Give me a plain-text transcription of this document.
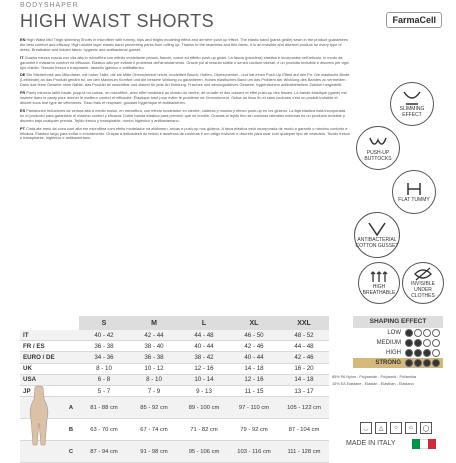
BODYSHAPER
HIGH WAIST SHORTS	FarmaCell

EN High Waist Mid Thigh slimming Shorts in microfiber with tummy, hips and thighs modeling effect and derrière push up effect. The elastic band (pants girdle) sewn in the product guarantees the best comfort and efficacy. High double layer elastic band preventing pants from rolling up. Thanks to the seamless and thin fabric, it is an invisible and discreet product for every type of dress. Breathable and hidden fabric: hygienic and antibacterial gusset.

IT Guaina mezza coscia con vita alta in microfibra con effetto modellante pancia, fianchi, cosce ed effetto push-up glutei. La fascia (panciera) elastica è incorporata nell'articolo, in modo da garantire il massimo comfort ed efficacia. Elastico alto per evitare il problema dell'arrotolamento. Grazie poi al tessuto sottile e senza cuciture laterali, è un prodotto invisibile e discreto per ogni tipo d'abito. Tessuto fresco e traspirante, tassello igienico e antibatterico.

DE Die Miederhose aus Mikrofaser, mit hoher Taille, die bis Mitte Oberschenkel reicht, modelliert Bauch, Hüften, Oberschenkel - und hat einen Push-Up Effekt auf den Po. Die elastische Binde (Leibbinde) an das Produkt genäht ist, um den Maximum Komfort und die bessere Wirkung zu garantieren. Hohes elastisches Band um das Problem der Wicklung des Bandes zu vermeiden. Dank das feine Gewebe ohne Nähte, das Produkt ist unsichtbar und diskret für jede Art Kleidung. Frisches und atmungsaktives Gewebe, hygienischem antibakteriellem Zwickel hergestellt.

FR Panty minceur taille haute, jusqu'à mi-cuisse, en microfibre, avec effet modelant au niveau du ventre, de la taille et des cuisses et effet push-up des fesses. La bande élastique (gaine) est insérée dans le panty pour donner le meilleur confort et efficacité. Élastique haut pour éviter le problème de l'enroulement. Grâce au tissu fin et sans coutures c'est un produit invisible et discret sous tout type de vêtements. Tissu frais et respirant, gousset hygiénique et antibactérien.

ES Pantalones reductores de cintura alta a medio muslo, en microfibra, con efecto modelador en vientre, caderas y muslos y efecto push-up en los glúteos. La faja elástica está incorporada en el producto para garantizar el máximo confort y eficacia. Doble banda elástica para prevenir que se enrolle. Gracias al tejido fino sin costuras laterales externas es un producto invisible y discreto bajo cualquier prenda. Tejido fresco y transpirable, rombo higiénico y antibacteriano.

PT Cinta até meio da coxa com alta em microfibra com efeito modelador na abdómen, ancas e push-up nos glúteos. A faixa elástica está incorporada de modo a garantir o máximo conforto e eficácia. Elástico largo para evitar o enrolamento. Graças à delicadeza do tecido e ausência de costuras é um artigo invisível e discreto para usar com qualquer tipo de vestuário. Tecido fresco e transpirante, higiénico e antibacteriano.

SLIMMING EFFECT
PUSH-UP BUTTOCKS
FLAT TUMMY
ANTIBACTERIAL COTTON GUSSET
HIGH BREATHABLE
INVISIBLE UNDER CLOTHES
	S	M	L	XL	XXL
IT	40 - 42	42 - 44	44 - 48	46 - 50	48 - 52
FR / ES	36 - 38	38 - 40	40 - 44	42 - 46	44 - 48
EURO / DE	34 - 36	36 - 38	38 - 42	40 - 44	42 - 46
UK	8 - 10	10 - 12	12 - 16	14 - 18	16 - 20
USA	6 - 8	8 - 10	10 - 14	12 - 16	14 - 18
JP	5 - 7	7 - 9	9 - 13	11 - 15	13 - 17
A	81 - 88 cm	85 - 92 cm	89 - 100 cm	97 - 110 cm	105 - 122 cm
B	63 - 70 cm	67 - 74 cm	71 - 82 cm	79 - 92 cm	87 - 104 cm
C	87 - 94 cm	91 - 98 cm	95 - 106 cm	103 - 116 cm	111 - 128 cm
SHAPING EFFECT
LOW
MEDIUM
HIGH
STRONG

85% PA Nylon - Polyamide - Polyamid - Poliamida

15% EA Elastane - Elastan - Elasthan - Elastano

◡	△	○	⌂	◯
MADE IN ITALY
